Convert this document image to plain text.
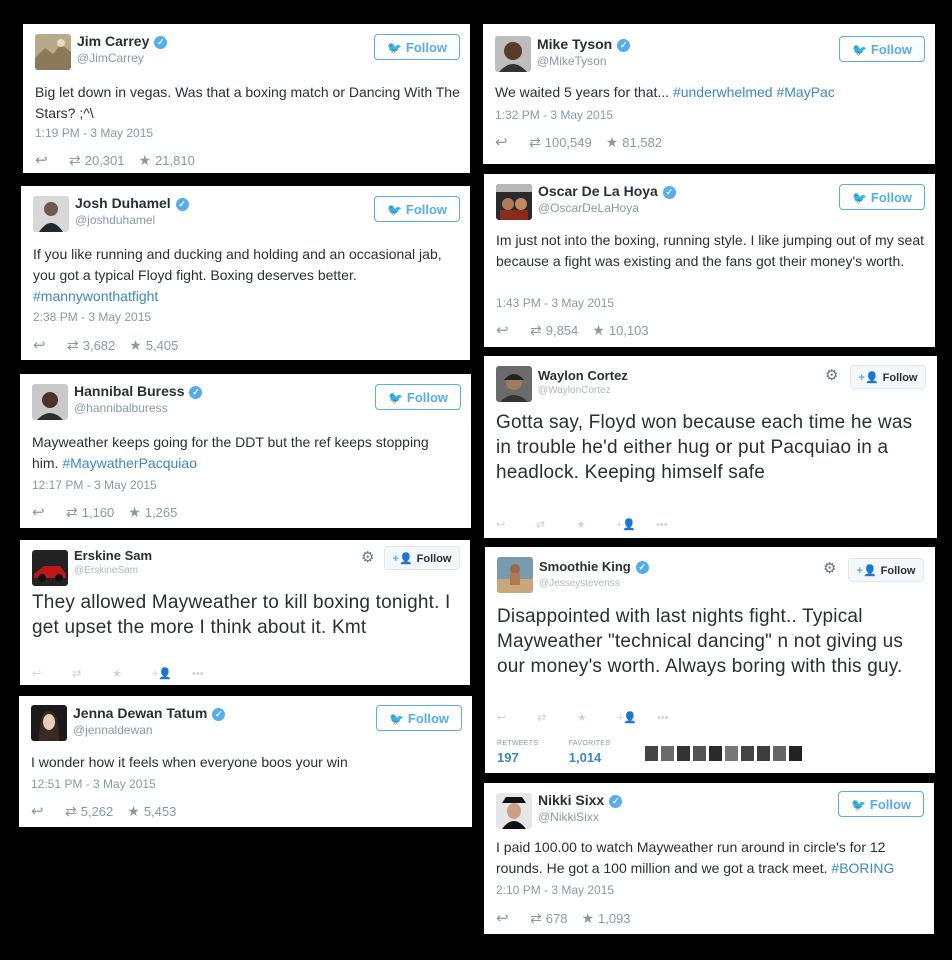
Jim Carrey ✓
@JimCarrey
🐦 Follow
Big let down in vegas. Was that a boxing match or Dancing With The Stars? ;^\
1:19 PM - 3 May 2015
↩ ⇄ 20,301 ★ 21,810
Josh Duhamel ✓
@joshduhamel
🐦 Follow
If you like running and ducking and holding and an occasional jab, you got a typical Floyd fight. Boxing deserves better.
#mannywonthatfight
2:38 PM - 3 May 2015
↩ ⇄ 3,682 ★ 5,405
Hannibal Buress ✓
@hannibalburess
🐦 Follow
Mayweather keeps going for the DDT but the ref keeps stopping him. #MaywatherPacquiao
12:17 PM - 3 May 2015
↩ ⇄ 1,160 ★ 1,265
Erskine Sam
@ErskineSam
⚙	+👤 Follow
They allowed Mayweather to kill boxing tonight. I get upset the more I think about it. Kmt
↩	⇄	★	+👤 •••
Jenna Dewan Tatum ✓
@jennaldewan
🐦 Follow
I wonder how it feels when everyone boos your win
12:51 PM - 3 May 2015
↩ ⇄ 5,262 ★ 5,453
Mike Tyson ✓
@MikeTyson
🐦 Follow
We waited 5 years for that... #underwhelmed #MayPac
1:32 PM - 3 May 2015
↩ ⇄ 100,549 ★ 81,582
Oscar De La Hoya ✓
@OscarDeLaHoya
🐦 Follow
Im just not into the boxing, running style. I like jumping out of my seat because a fight was existing and the fans got their money's worth.
1:43 PM - 3 May 2015
↩ ⇄ 9,854 ★ 10,103
Waylon Cortez
@WaylonCortez
⚙	+👤 Follow
Gotta say, Floyd won because each time he was in trouble he'd either hug or put Pacquiao in a headlock. Keeping himself safe
↩	⇄	★	+👤 •••
Smoothie King ✓
@Jesseystevenss
⚙	+👤 Follow
Disappointed with last nights fight.. Typical Mayweather "technical dancing" n not giving us our money's worth. Always boring with this guy.
↩	⇄	★	+👤 •••
RETWEETS
197

FAVORITES
1,014

Nikki Sixx ✓
@NikkiSixx
🐦 Follow
I paid 100.00 to watch Mayweather run around in circle's for 12 rounds. He got a 100 million and we got a track meet. #BORING
2:10 PM - 3 May 2015
↩ ⇄ 678 ★ 1,093
